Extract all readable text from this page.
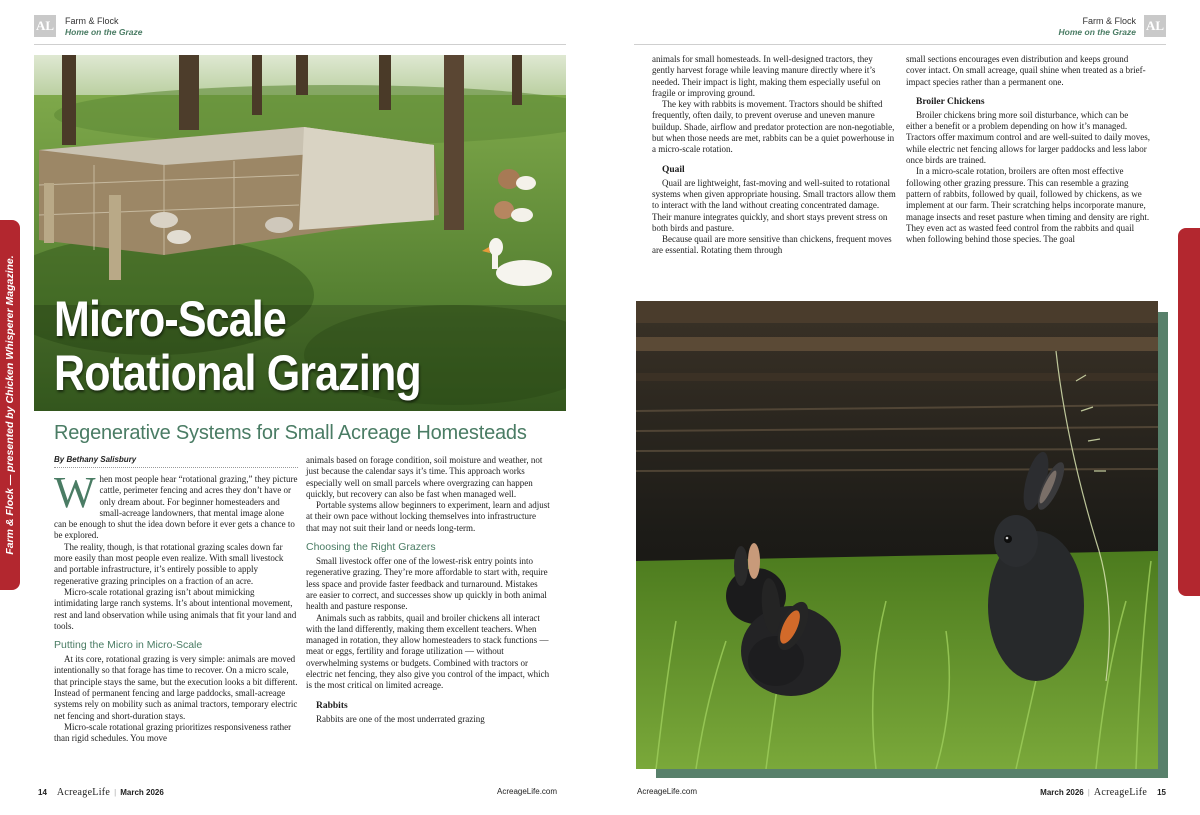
AL Farm & Flock
Home on the Graze
Farm & Flock — presented by Chicken Whisperer Magazine. Micro-Scale
Rotational Grazing
Regenerative Systems for Small Acreage Homesteads
By Bethany Salisbury

When most people hear “rotational grazing,” they picture cattle, perimeter fencing and acres they don’t have or only dream about. For beginner homesteaders and small-acreage landowners, that mental image alone can be enough to shut the idea down before it ever gets a chance to be explored.

The reality, though, is that rotational grazing scales down far more easily than most people even realize. With small livestock and portable infrastructure, it’s entirely possible to apply regenerative grazing principles on a fraction of an acre.

Micro-scale rotational grazing isn’t about mimicking intimidating large ranch systems. It’s about intentional movement, rest and land observation while using animals that fit your land and tools.

Putting the Micro in Micro-Scale

At its core, rotational grazing is very simple: animals are moved intentionally so that forage has time to recover. On a micro scale, that principle stays the same, but the execution looks a bit different. Instead of permanent fencing and large paddocks, small-acreage systems rely on mobility such as animal tractors, temporary electric net fencing and short-duration stays.

Micro-scale rotational grazing prioritizes responsiveness rather than rigid schedules. You move

animals based on forage condition, soil moisture and weather, not just because the calendar says it’s time. This approach works especially well on small parcels where overgrazing can happen quickly, but recovery can also be fast when managed well.

Portable systems allow beginners to experiment, learn and adjust at their own pace without locking themselves into infrastructure that may not suit their land or needs long-term.

Choosing the Right Grazers

Small livestock offer one of the lowest-risk entry points into regenerative grazing. They’re more affordable to start with, require less space and provide faster feedback and turnaround. Mistakes are easier to correct, and successes show up quickly in both animal health and pasture response.

Animals such as rabbits, quail and broiler chickens all interact with the land differently, making them excellent teachers. When managed in rotation, they allow homesteaders to stack functions — meat or eggs, fertility and forage utilization — without overwhelming systems or budgets. Combined with tractors or electric net fencing, they also give you control of the impact, which is the most critical on limited acreage.

Rabbits

Rabbits are one of the most underrated grazing

14 AcreageLife | March 2026	AcreageLife.com
Farm & Flock
Home on the Graze AL

animals for small homesteads. In well-designed tractors, they gently harvest forage while leaving manure directly where it’s needed. Their impact is light, making them especially useful on fragile or improving ground.

The key with rabbits is movement. Tractors should be shifted frequently, often daily, to prevent overuse and uneven manure buildup. Shade, airflow and predator protection are non-negotiable, but when those needs are met, rabbits can be a quiet powerhouse in a micro-scale rotation.

Quail

Quail are lightweight, fast-moving and well-suited to rotational systems when given appropriate housing. Small tractors allow them to interact with the land without creating concentrated damage. Their manure integrates quickly, and short stays prevent stress on both birds and pasture.

Because quail are more sensitive than chickens, frequent moves are essential. Rotating them through

small sections encourages even distribution and keeps ground cover intact. On small acreage, quail shine when treated as a brief-impact species rather than a permanent one.

Broiler Chickens

Broiler chickens bring more soil disturbance, which can be either a benefit or a problem depending on how it’s managed. Tractors offer maximum control and are well-suited to daily moves, while electric net fencing allows for larger paddocks and less labor once birds are trained.

In a micro-scale rotation, broilers are often most effective following other grazing pressure. This can resemble a grazing pattern of rabbits, followed by quail, followed by chickens, as we implement at our farm. Their scratching helps incorporate manure, manage insects and reset pasture when timing and density are right. They even act as wasted feed control from the rabbits and quail when following behind those species. The goal

AcreageLife.com	March 2026 | AcreageLife 15
